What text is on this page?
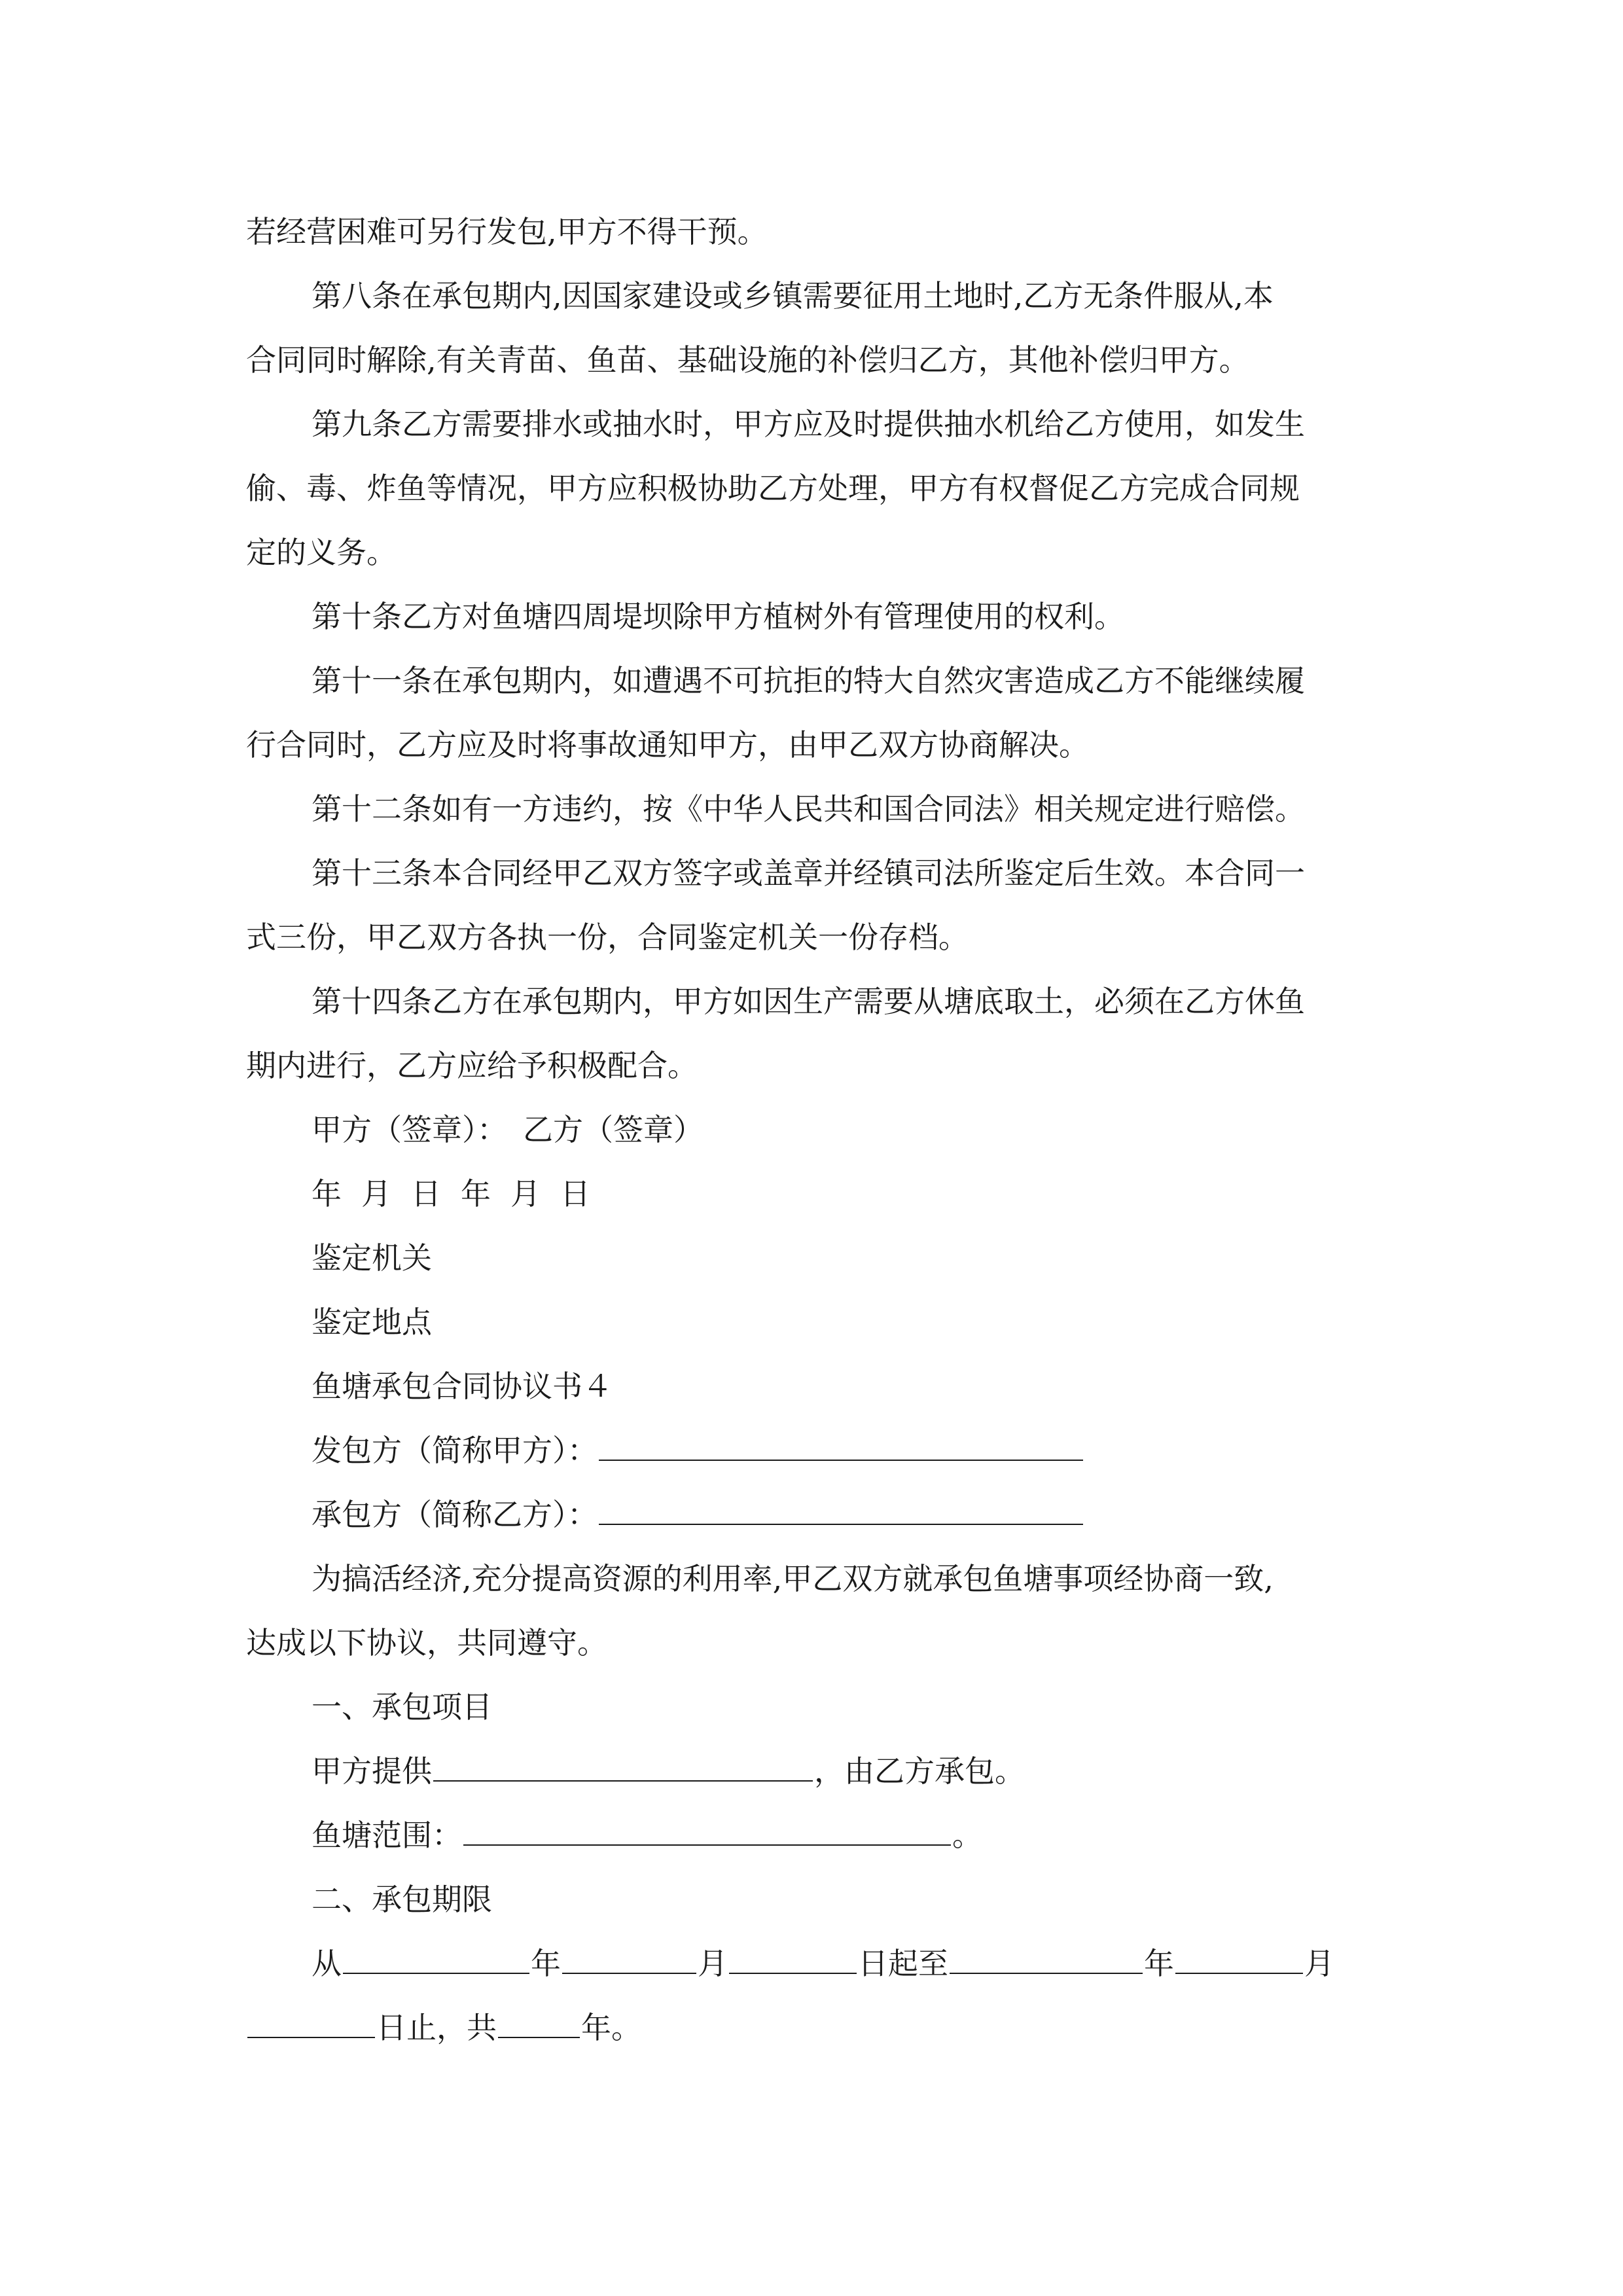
若经营困难可另行发包,甲方不得干预。
第八条在承包期内,因国家建设或乡镇需要征用土地时,乙方无条件服从,本
合同同时解除,有关青苗、鱼苗、基础设施的补偿归乙方，其他补偿归甲方。
第九条乙方需要排水或抽水时，甲方应及时提供抽水机给乙方使用，如发生
偷、毒、炸鱼等情况，甲方应积极协助乙方处理，甲方有权督促乙方完成合同规
定的义务。
第十条乙方对鱼塘四周堤坝除甲方植树外有管理使用的权利。
第十一条在承包期内，如遭遇不可抗拒的特大自然灾害造成乙方不能继续履
行合同时，乙方应及时将事故通知甲方，由甲乙双方协商解决。
第十二条如有一方违约，按《中华人民共和国合同法》相关规定进行赔偿。
第十三条本合同经甲乙双方签字或盖章并经镇司法所鉴定后生效。本合同一
式三份，甲乙双方各执一份，合同鉴定机关一份存档。
第十四条乙方在承包期内，甲方如因生产需要从塘底取土，必须在乙方休鱼
期内进行，乙方应给予积极配合。
甲方（签章）： 乙方（签章）
年 月 日 年 月 日
鉴定机关
鉴定地点
鱼塘承包合同协议书４
发包方（简称甲方）：
承包方（简称乙方）：
为搞活经济,充分提高资源的利用率,甲乙双方就承包鱼塘事项经协商一致,
达成以下协议，共同遵守。
一、承包项目
甲方提供	，由乙方承包。
鱼塘范围：	。
二、承包期限
从	年	月	日起至	年	月
日止，共	年。
